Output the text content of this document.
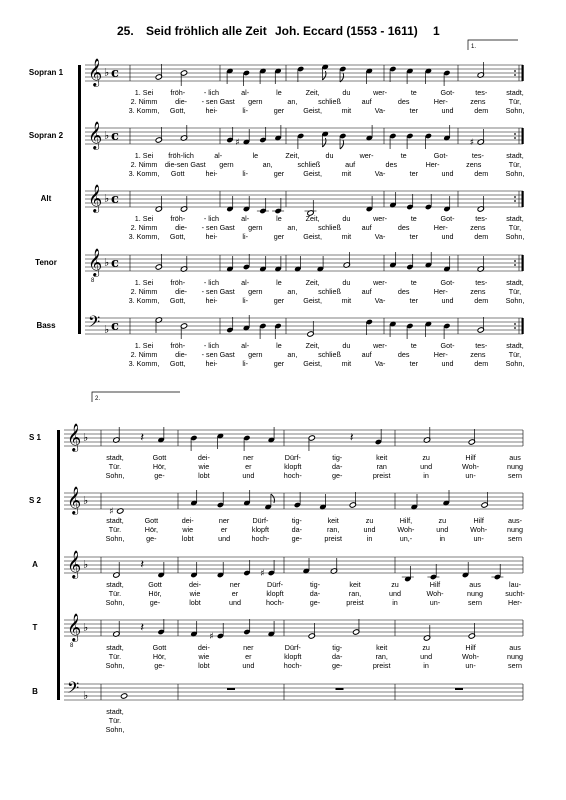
25. Seid fröhlich alle Zeit Joh. Eccard (1553 - 1611) 1
Sopran 1 𝄞 ♭ c
1. Sei fröh-	- lich	al-	le	Zeit,	du	wer-	te	Got-	tes-	stadt,
2. Nimm die- - sen Gast gern	an,	schließ	auf	des	Her-	zens	Tür,
3. Komm, Gott,	hei-	li-	ger	Geist,	mit	Va-	ter	und	dem Sohn,
Sopran 2 𝄞 ♭ c	♯	♯
1. Sei fröh-lich	al-	le	Zeit,	du	wer-	te	Got-	tes-	stadt,
2. Nimm die-sen Gast gern	an,	schließ	auf	des	Her-	zens	Tür,
3. Komm, Gott	hei-	li-	ger	Geist,	mit	Va-	ter	und	dem Sohn,
Alt 𝄞 ♭ c
1. Sei fröh-	- lich	al-	le	Zeit,	du	wer-	te	Got-	tes-	stadt,
2. Nimm die- - sen Gast gern	an,	schließ	auf	des	Her-	zens	Tür,
3. Komm, Gott,	hei-	li-	ger	Geist,	mit	Va-	ter	und	dem Sohn,
Tenor 𝄞
8
♭ c
1. Sei fröh-	- lich	al-	le	Zeit,	du	wer-	te	Got-	tes-	stadt,
2. Nimm die- - sen Gast gern	an,	schließ	auf	des	Her-	zens	Tür,
3. Komm, Gott,	hei-	li-	ger	Geist,	mit	Va-	ter	und	dem Sohn,
Bass 𝄢 ♭ c
1. Sei fröh-	- lich	al-	le	Zeit,	du	wer-	te	Got-	tes-	stadt,
2. Nimm die- - sen Gast gern	an,	schließ	auf	des	Her-	zens	Tür,
3. Komm, Gott,	hei-	li-	ger	Geist,	mit	Va-	ter	und	dem Sohn,
1.
S 1 𝄞 ♭	𝄽	𝄽
stadt,	Gott	dei-	ner	Dürf-	tig-	keit	zu	Hilf	aus
Tür.	Hör,	wie	er	klopft	da-	ran	und	Woh-	nung
Sohn,	ge-	lobt	und	hoch-	ge-	preist	in	un-	sern
S 2 𝄞 ♭
♯
stadt,	Gott	dei-	ner	Dürf-	tig-	keit	zu	Hilf,	zu	Hilf	aus-
Tür.	Hör,	wie	er	klopft	da-	ran,	und	Woh-	und	Woh-	nung
Sohn,	ge-	lobt	und	hoch-	ge-	preist	in	un,-	in	un-	sern
A 𝄞 ♭	𝄽
♯
stadt,	Gott	dei-	ner	Dürf-	tig-	keit	zu	Hilf	aus	lau-
Tür.	Hör,	wie	er	klopft	da-	ran,	und	Woh-	nung	sucht-
Sohn,	ge-	lobt	und	hoch-	ge-	preist	in	un-	sern	Her-
T 𝄞
8
♭	𝄽
♯
stadt,	Gott	dei-	ner	Dürf-	tig-	keit	zu	Hilf	aus
Tür.	Hör,	wie	er	klopft	da-	ran,	und	Woh-	nung
Sohn,	ge-	lobt	und	hoch-	ge-	preist	in	un-	sern
B 𝄢 ♭
stadt,
Tür.
Sohn,
2.
